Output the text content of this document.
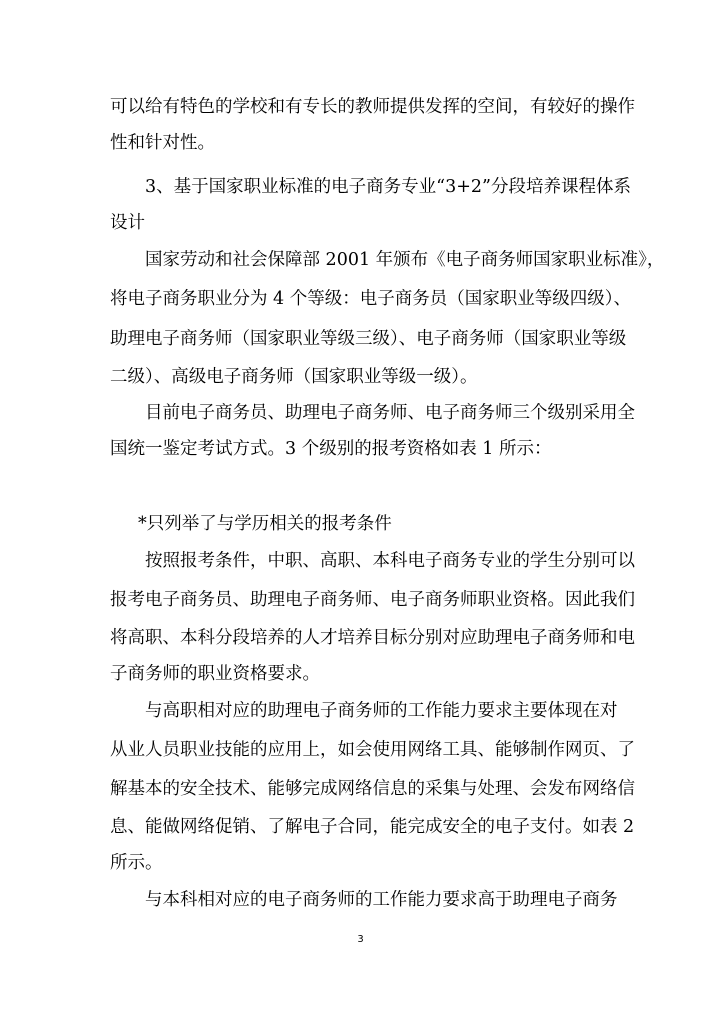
可以给有特色的学校和有专长的教师提供发挥的空间，有较好的操作
性和针对性。
3、基于国家职业标准的电子商务专业“3+2”分段培养课程体系
设计
国家劳动和社会保障部 2001 年颁布《电子商务师国家职业标准》，
将电子商务职业分为 4 个等级：电子商务员（国家职业等级四级）、
助理电子商务师（国家职业等级三级）、电子商务师（国家职业等级
二级）、高级电子商务师（国家职业等级一级）。
目前电子商务员、助理电子商务师、电子商务师三个级别采用全
国统一鉴定考试方式。3 个级别的报考资格如表 1 所示：
*只列举了与学历相关的报考条件
按照报考条件，中职、高职、本科电子商务专业的学生分别可以
报考电子商务员、助理电子商务师、电子商务师职业资格。因此我们
将高职、本科分段培养的人才培养目标分别对应助理电子商务师和电
子商务师的职业资格要求。
与高职相对应的助理电子商务师的工作能力要求主要体现在对
从业人员职业技能的应用上，如会使用网络工具、能够制作网页、了
解基本的安全技术、能够完成网络信息的采集与处理、会发布网络信
息、能做网络促销、了解电子合同，能完成安全的电子支付。如表 2
所示。
与本科相对应的电子商务师的工作能力要求高于助理电子商务
3
